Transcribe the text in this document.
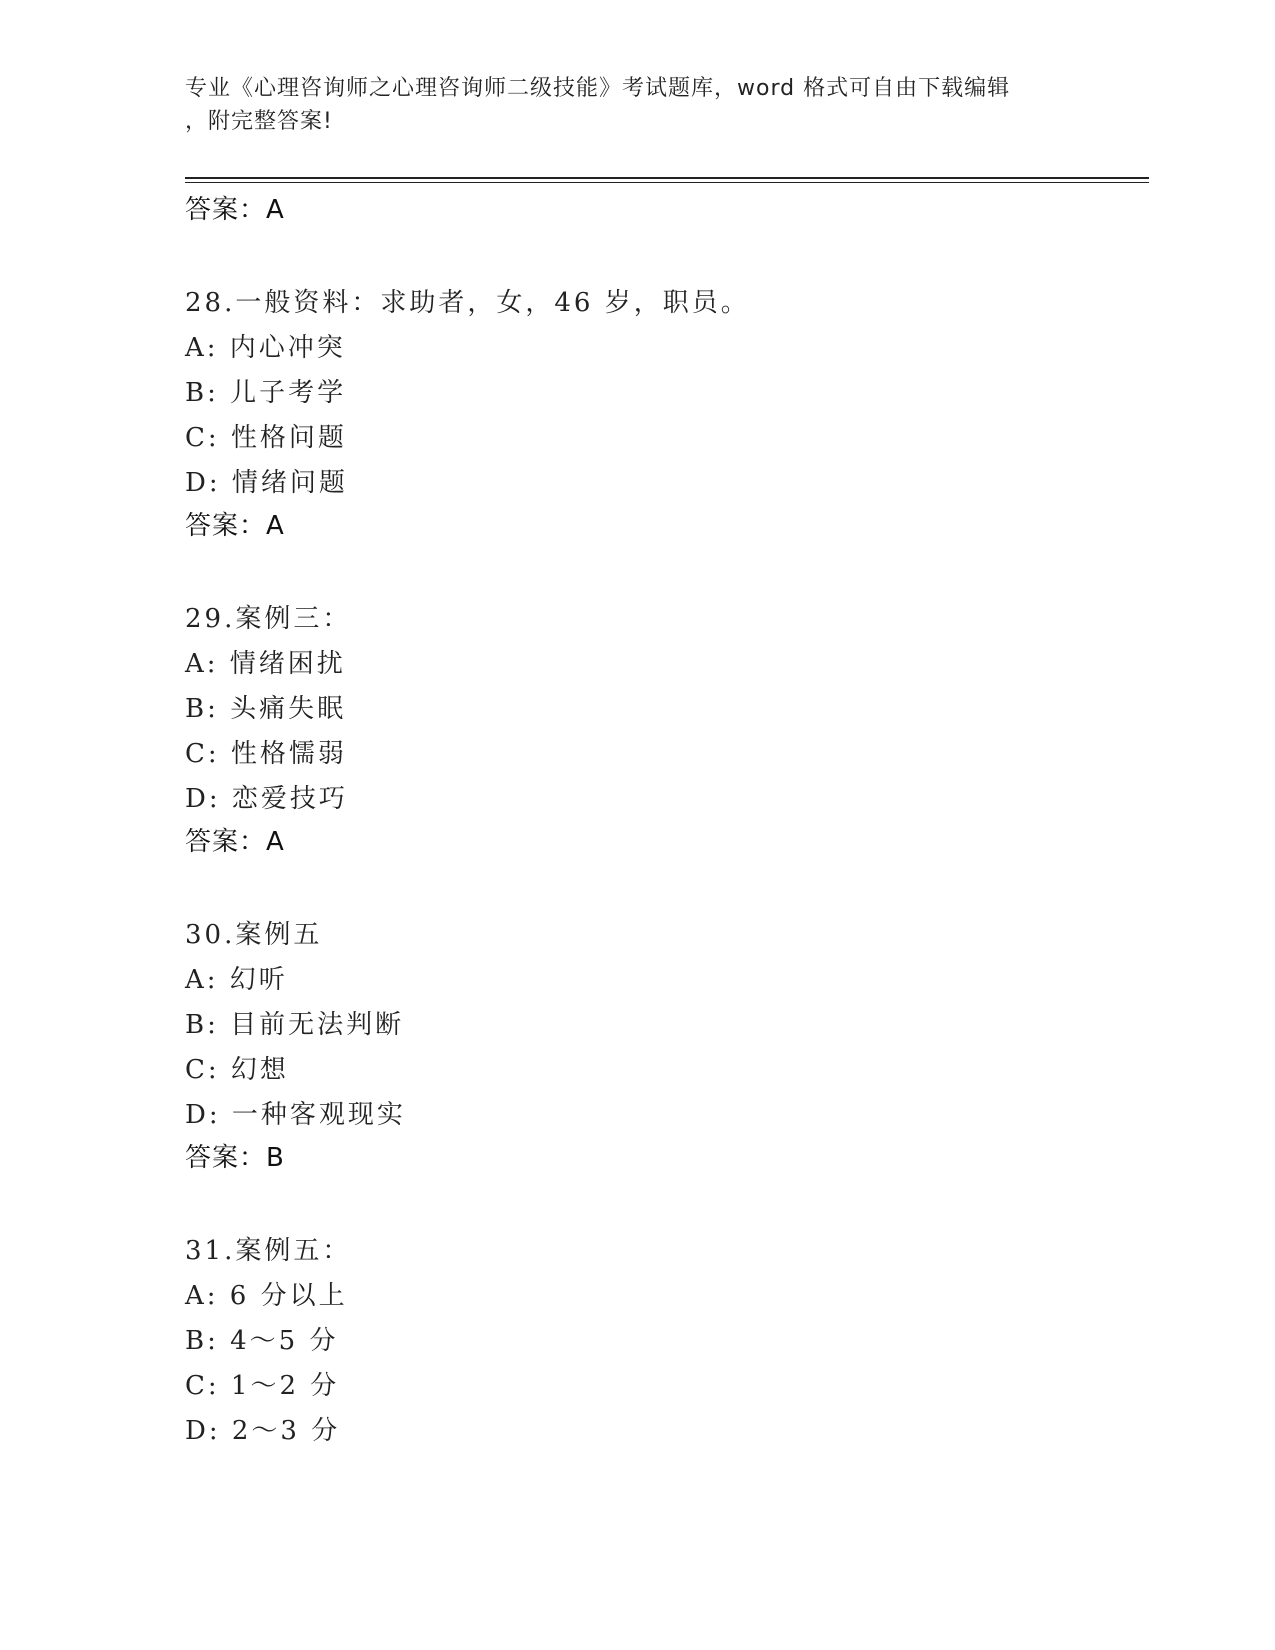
专业《心理咨询师之心理咨询师二级技能》考试题库，word 格式可自由下载编辑
，附完整答案!
答案：A
28.一般资料：求助者，女，46 岁，职员。
A: 内心冲突
B: 儿子考学
C: 性格问题
D: 情绪问题
答案：A
29.案例三：
A: 情绪困扰
B: 头痛失眠
C: 性格懦弱
D: 恋爱技巧
答案：A
30.案例五
A: 幻听
B: 目前无法判断
C: 幻想
D: 一种客观现实
答案：B
31.案例五：
A: 6 分以上
B: 4～5 分
C: 1～2 分
D: 2～3 分
